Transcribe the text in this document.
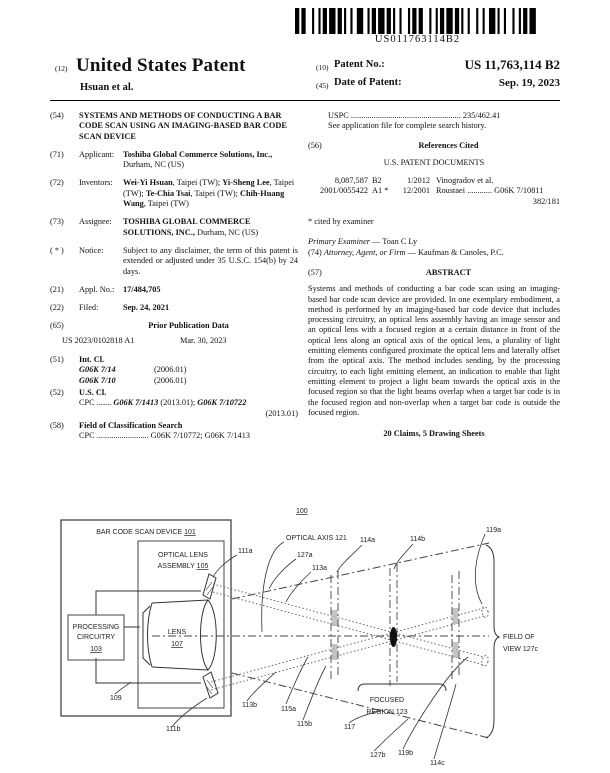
US011763114B2
(12) United States Patent
Hsuan et al.
(10) Patent No.:	US 11,763,114 B2
(45) Date of Patent:	Sep. 19, 2023
(54)	SYSTEMS AND METHODS OF CONDUCTING A BAR CODE SCAN USING AN IMAGING-BASED BAR CODE SCAN DEVICE
(71)	Applicant:	Toshiba Global Commerce Solutions, Inc., Durham, NC (US)
(72)	Inventors:	Wei-Yi Hsuan, Taipei (TW); Yi-Sheng Lee, Taipei (TW); Te-Chia Tsai, Taipei (TW); Chih-Huang Wang, Taipei (TW)
(73)	Assignee:	TOSHIBA GLOBAL COMMERCE SOLUTIONS, INC., Durham, NC (US)
( * )	Notice:	Subject to any disclaimer, the term of this patent is extended or adjusted under 35 U.S.C. 154(b) by 24 days.
(21)	Appl. No.:	17/484,705
(22)	Filed:	Sep. 24, 2021
(65)	Prior Publication Data
US 2023/0102818 A1	Mar. 30, 2023
(51)	Int. Cl.
G06K 7/14	(2006.01)
G06K 7/10	(2006.01)
(52)	U.S. Cl.
CPC ....... G06K 7/1413 (2013.01); G06K 7/10722
(2013.01)
(58)	Field of Classification Search
CPC ......................... G06K 7/10772; G06K 7/1413
USPC ..................................................... 235/462.41
See application file for complete search history.
(56)	References Cited
U.S. PATENT DOCUMENTS
8,087,587 B2	1/2012 Vinogradov et al.
2001/0055422 A1 *	12/2001 Roustaei ............ G06K 7/10811
382/181
* cited by examiner
Primary Examiner — Toan C Ly
(74) Attorney, Agent, or Firm — Kaufman & Canoles, P.C.
(57)	ABSTRACT
Systems and methods of conducting a bar code scan using an imaging-based bar code scan device are provided. In one exemplary embodiment, a method is performed by an imaging-based bar code device that includes processing circuitry, an optical lens assembly having an image sensor and an optical lens with a focused region at a certain distance in front of the optical lens along an optical axis of the optical lens, a plurality of light emitting elements configured proximate the optical lens and laterally offset from the optical axis. The method includes sending, by the processing circuitry, to each light emitting element, an indication to enable that light emitting element to project a light beam towards the optical axis in the focused region so that the light beams overlap when a target bar code is in the focused region and non-overlap when a target bar code is outside the focused region.
20 Claims, 5 Drawing Sheets
100
BAR CODE SCAN DEVICE 101
OPTICAL LENS
ASSEMBLY 105
PROCESSING
CIRCUITRY
103
LENS
107
FIELD OF
VIEW 127c
FOCUSED
REGION 123
111a
OPTICAL AXIS 121
127a
113a
114a	114b
119a
109
111b
113b
115a
115b	117
127b 119b
114c
